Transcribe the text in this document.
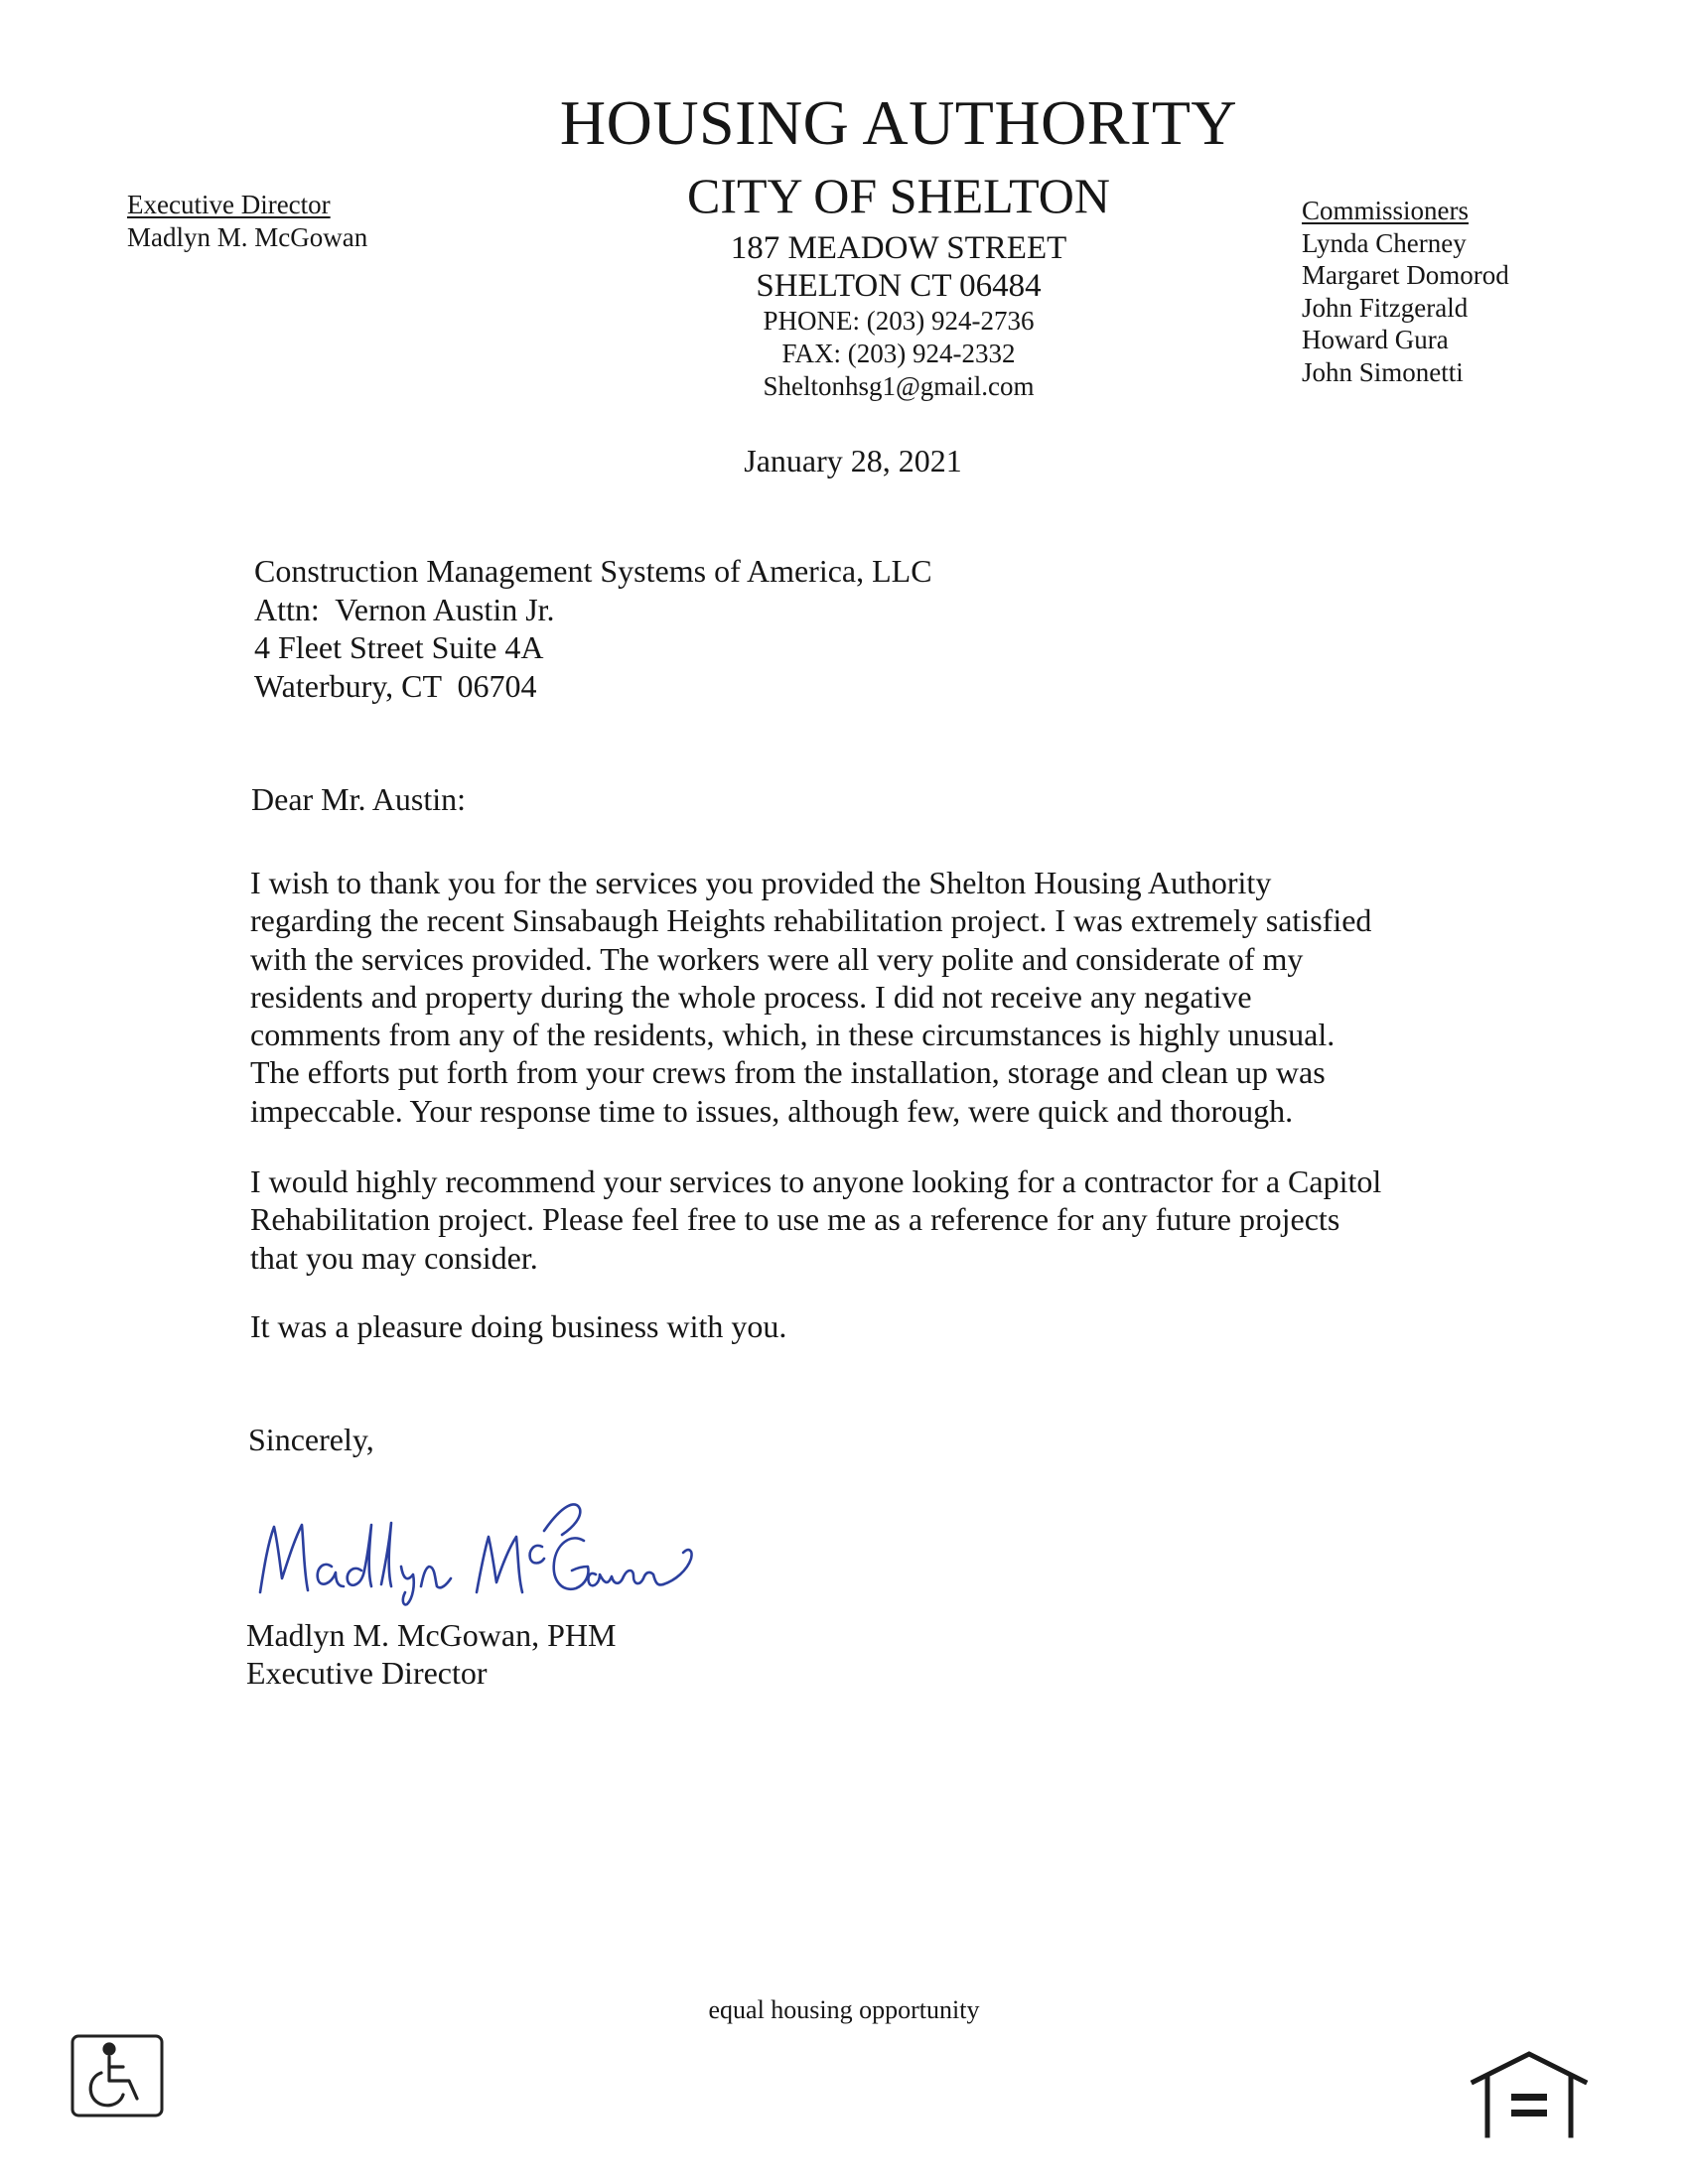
HOUSING AUTHORITY
CITY OF SHELTON
187 MEADOW STREET
SHELTON CT 06484
PHONE: (203) 924-2736
FAX: (203) 924-2332
Sheltonhsg1@gmail.com
Executive Director
Madlyn M. McGowan
Commissioners
Lynda Cherney
Margaret Domorod
John Fitzgerald
Howard Gura
John Simonetti
January 28, 2021
Construction Management Systems of America, LLC
Attn:  Vernon Austin Jr.
4 Fleet Street Suite 4A
Waterbury, CT  06704
Dear Mr. Austin:
I wish to thank you for the services you provided the Shelton Housing Authority
regarding the recent Sinsabaugh Heights rehabilitation project. I was extremely satisfied
with the services provided. The workers were all very polite and considerate of my
residents and property during the whole process. I did not receive any negative
comments from any of the residents, which, in these circumstances is highly unusual.
The efforts put forth from your crews from the installation, storage and clean up was
impeccable. Your response time to issues, although few, were quick and thorough.
I would highly recommend your services to anyone looking for a contractor for a Capitol
Rehabilitation project. Please feel free to use me as a reference for any future projects
that you may consider.
It was a pleasure doing business with you.
Sincerely,
Madlyn M. McGowan, PHM
Executive Director
equal housing opportunity
